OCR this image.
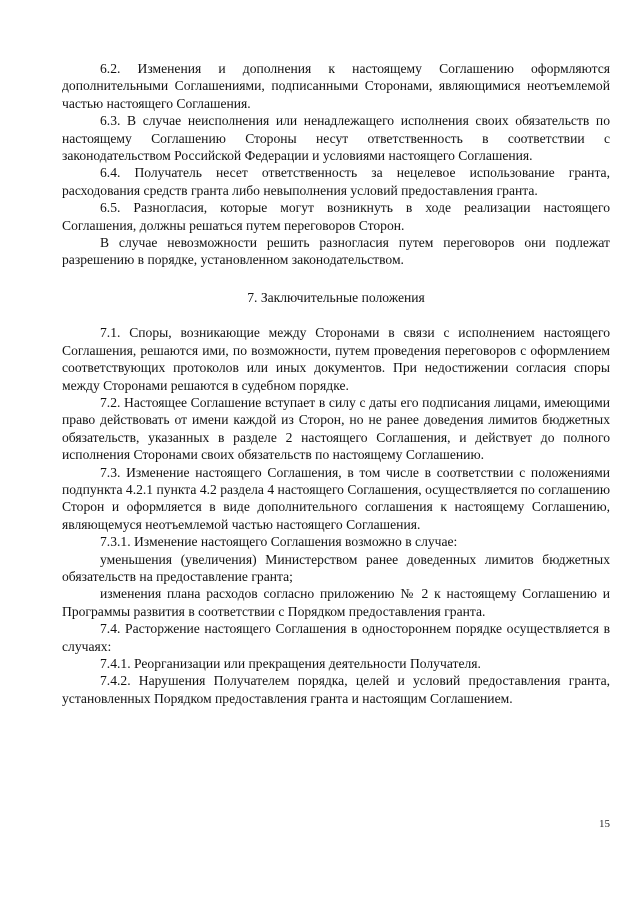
6.2. Изменения и дополнения к настоящему Соглашению оформляются дополнительными Соглашениями, подписанными Сторонами, являющимися неотъемлемой частью настоящего Соглашения.

6.3. В случае неисполнения или ненадлежащего исполнения своих обязательств по настоящему Соглашению Стороны несут ответственность в соответствии с законодательством Российской Федерации и условиями настоящего Соглашения.

6.4. Получатель несет ответственность за нецелевое использование гранта, расходования средств гранта либо невыполнения условий предоставления гранта.

6.5. Разногласия, которые могут возникнуть в ходе реализации настоящего Соглашения, должны решаться путем переговоров Сторон.

В случае невозможности решить разногласия путем переговоров они подлежат разрешению в порядке, установленном законодательством.

7. Заключительные положения

7.1. Споры, возникающие между Сторонами в связи с исполнением настоящего Соглашения, решаются ими, по возможности, путем проведения переговоров с оформлением соответствующих протоколов или иных документов. При недостижении согласия споры между Сторонами решаются в судебном порядке.

7.2. Настоящее Соглашение вступает в силу с даты его подписания лицами, имеющими право действовать от имени каждой из Сторон, но не ранее доведения лимитов бюджетных обязательств, указанных в разделе 2 настоящего Соглашения, и действует до полного исполнения Сторонами своих обязательств по настоящему Соглашению.

7.3. Изменение настоящего Соглашения, в том числе в соответствии с положениями подпункта 4.2.1 пункта 4.2 раздела 4 настоящего Соглашения, осуществляется по соглашению Сторон и оформляется в виде дополнительного соглашения к настоящему Соглашению, являющемуся неотъемлемой частью настоящего Соглашения.

7.3.1. Изменение настоящего Соглашения возможно в случае:

уменьшения (увеличения) Министерством ранее доведенных лимитов бюджетных обязательств на предоставление гранта;

изменения плана расходов согласно приложению № 2 к настоящему Соглашению и Программы развития в соответствии с Порядком предоставления гранта.

7.4. Расторжение настоящего Соглашения в одностороннем порядке осуществляется в случаях:

7.4.1. Реорганизации или прекращения деятельности Получателя.

7.4.2. Нарушения Получателем порядка, целей и условий предоставления гранта, установленных Порядком предоставления гранта и настоящим Соглашением.

15
